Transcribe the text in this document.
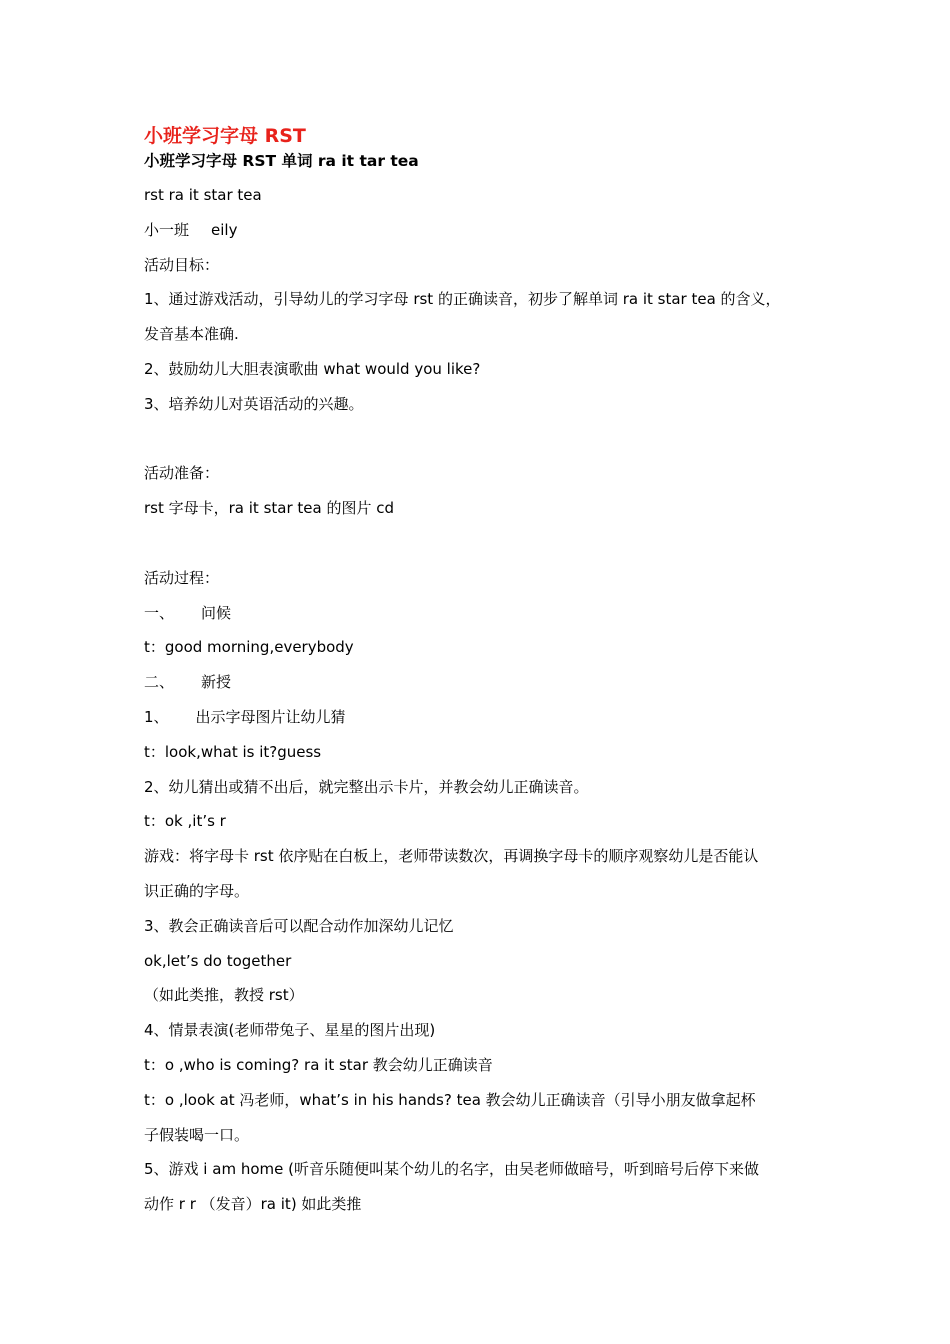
小班学习字母 RST
小班学习字母 RST 单词 ra it tar tea

rst ra it star tea

小一班 eily

活动目标：

1、通过游戏活动，引导幼儿的学习字母 rst 的正确读音，初步了解单词 ra it star tea 的含义，

发音基本准确.

2、鼓励幼儿大胆表演歌曲 what would you like?

3、培养幼儿对英语活动的兴趣。

活动准备：

rst 字母卡，ra it star tea 的图片 cd

活动过程：

一、 问候

t：good morning,everybody

二、 新授

1、 出示字母图片让幼儿猜

t：look,what is it?guess

2、幼儿猜出或猜不出后，就完整出示卡片，并教会幼儿正确读音。

t：ok ,it’s r

游戏：将字母卡 rst 依序贴在白板上，老师带读数次，再调换字母卡的顺序观察幼儿是否能认

识正确的字母。

3、教会正确读音后可以配合动作加深幼儿记忆

ok,let’s do together

（如此类推，教授 rst）

4、情景表演(老师带兔子、星星的图片出现)

t：o ,who is coming? ra it star 教会幼儿正确读音

t：o ,look at 冯老师，what’s in his hands? tea 教会幼儿正确读音（引导小朋友做拿起杯

子假装喝一口。

5、游戏 i am home (听音乐随便叫某个幼儿的名字，由吴老师做暗号，听到暗号后停下来做

动作 r r （发音）ra it) 如此类推
